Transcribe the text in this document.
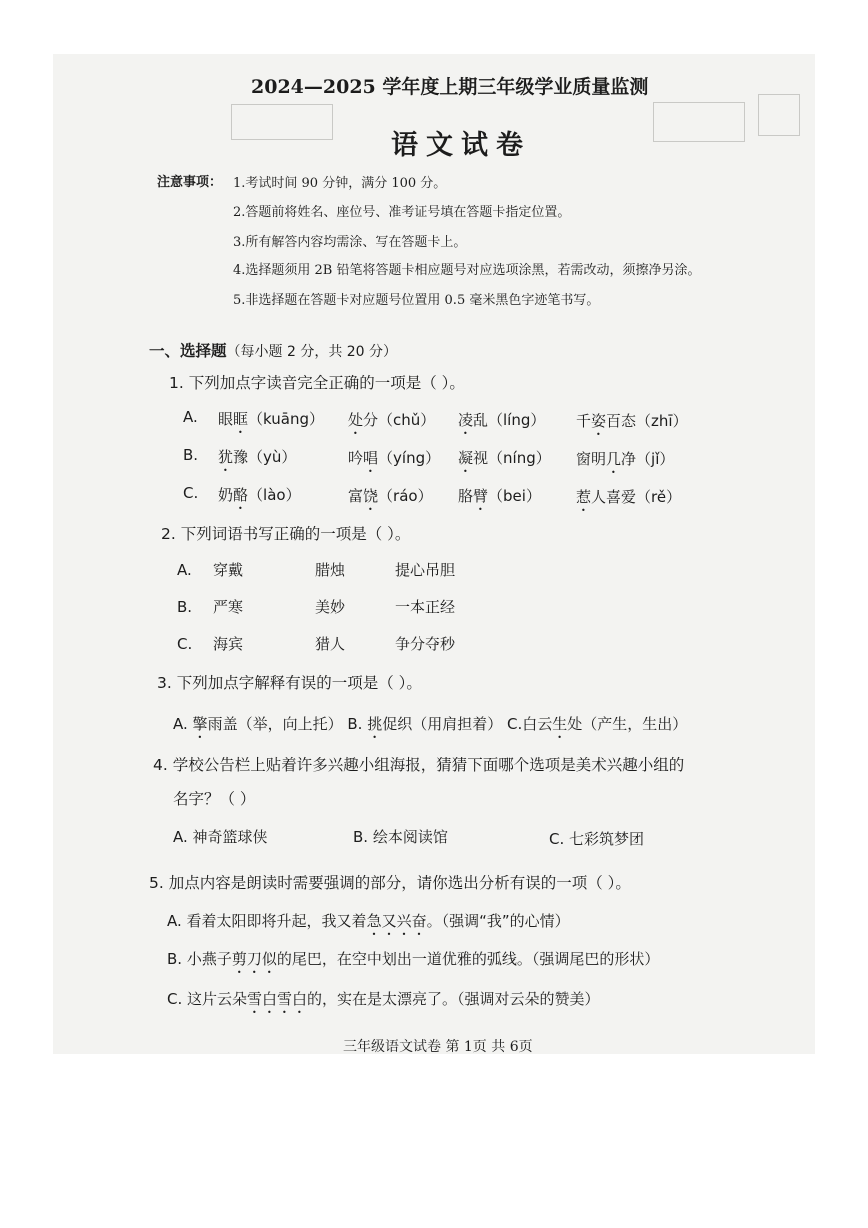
2024—2025 学年度上期三年级学业质量监测
语文试卷
注意事项： 1.考试时间 90 分钟，满分 100 分。
2.答题前将姓名、座位号、准考证号填在答题卡指定位置。
3.所有解答内容均需涂、写在答题卡上。
4.选择题须用 2B 铅笔将答题卡相应题号对应选项涂黑，若需改动，须擦净另涂。
5.非选择题在答题卡对应题号位置用 0.5 毫米黑色字迹笔书写。
一、选择题（每小题 2 分，共 20 分）
1. 下列加点字读音完全正确的一项是（ ）。
A. 眼眶（kuāng） 处分（chǔ） 凌乱（líng） 千姿百态（zhī）
B. 犹豫（yù）	吟唱（yíng） 凝视（níng） 窗明几净（jǐ）
C. 奶酪（lào）	富饶（ráo） 胳臂（bei） 惹人喜爱（rě）
2. 下列词语书写正确的一项是（ ）。
A. 穿戴	腊烛	提心吊胆
B. 严寒	美妙	一本正经
C. 海宾	猎人	争分夺秒
3. 下列加点字解释有误的一项是（ ）。
A. 擎雨盖（举，向上托） B. 挑促织（用肩担着） C.白云生处（产生，生出）
4. 学校公告栏上贴着许多兴趣小组海报，猜猜下面哪个选项是美术兴趣小组的
名字？（ ）
A. 神奇篮球侠	B. 绘本阅读馆	C. 七彩筑梦团
5. 加点内容是朗读时需要强调的部分，请你选出分析有误的一项（ ）。
A. 看着太阳即将升起，我又着急又兴奋。（强调“我”的心情）
B. 小燕子剪刀似的尾巴，在空中划出一道优雅的弧线。（强调尾巴的形状）
C. 这片云朵雪白雪白的，实在是太漂亮了。（强调对云朵的赞美）
三年级语文试卷 第 1页 共 6页
